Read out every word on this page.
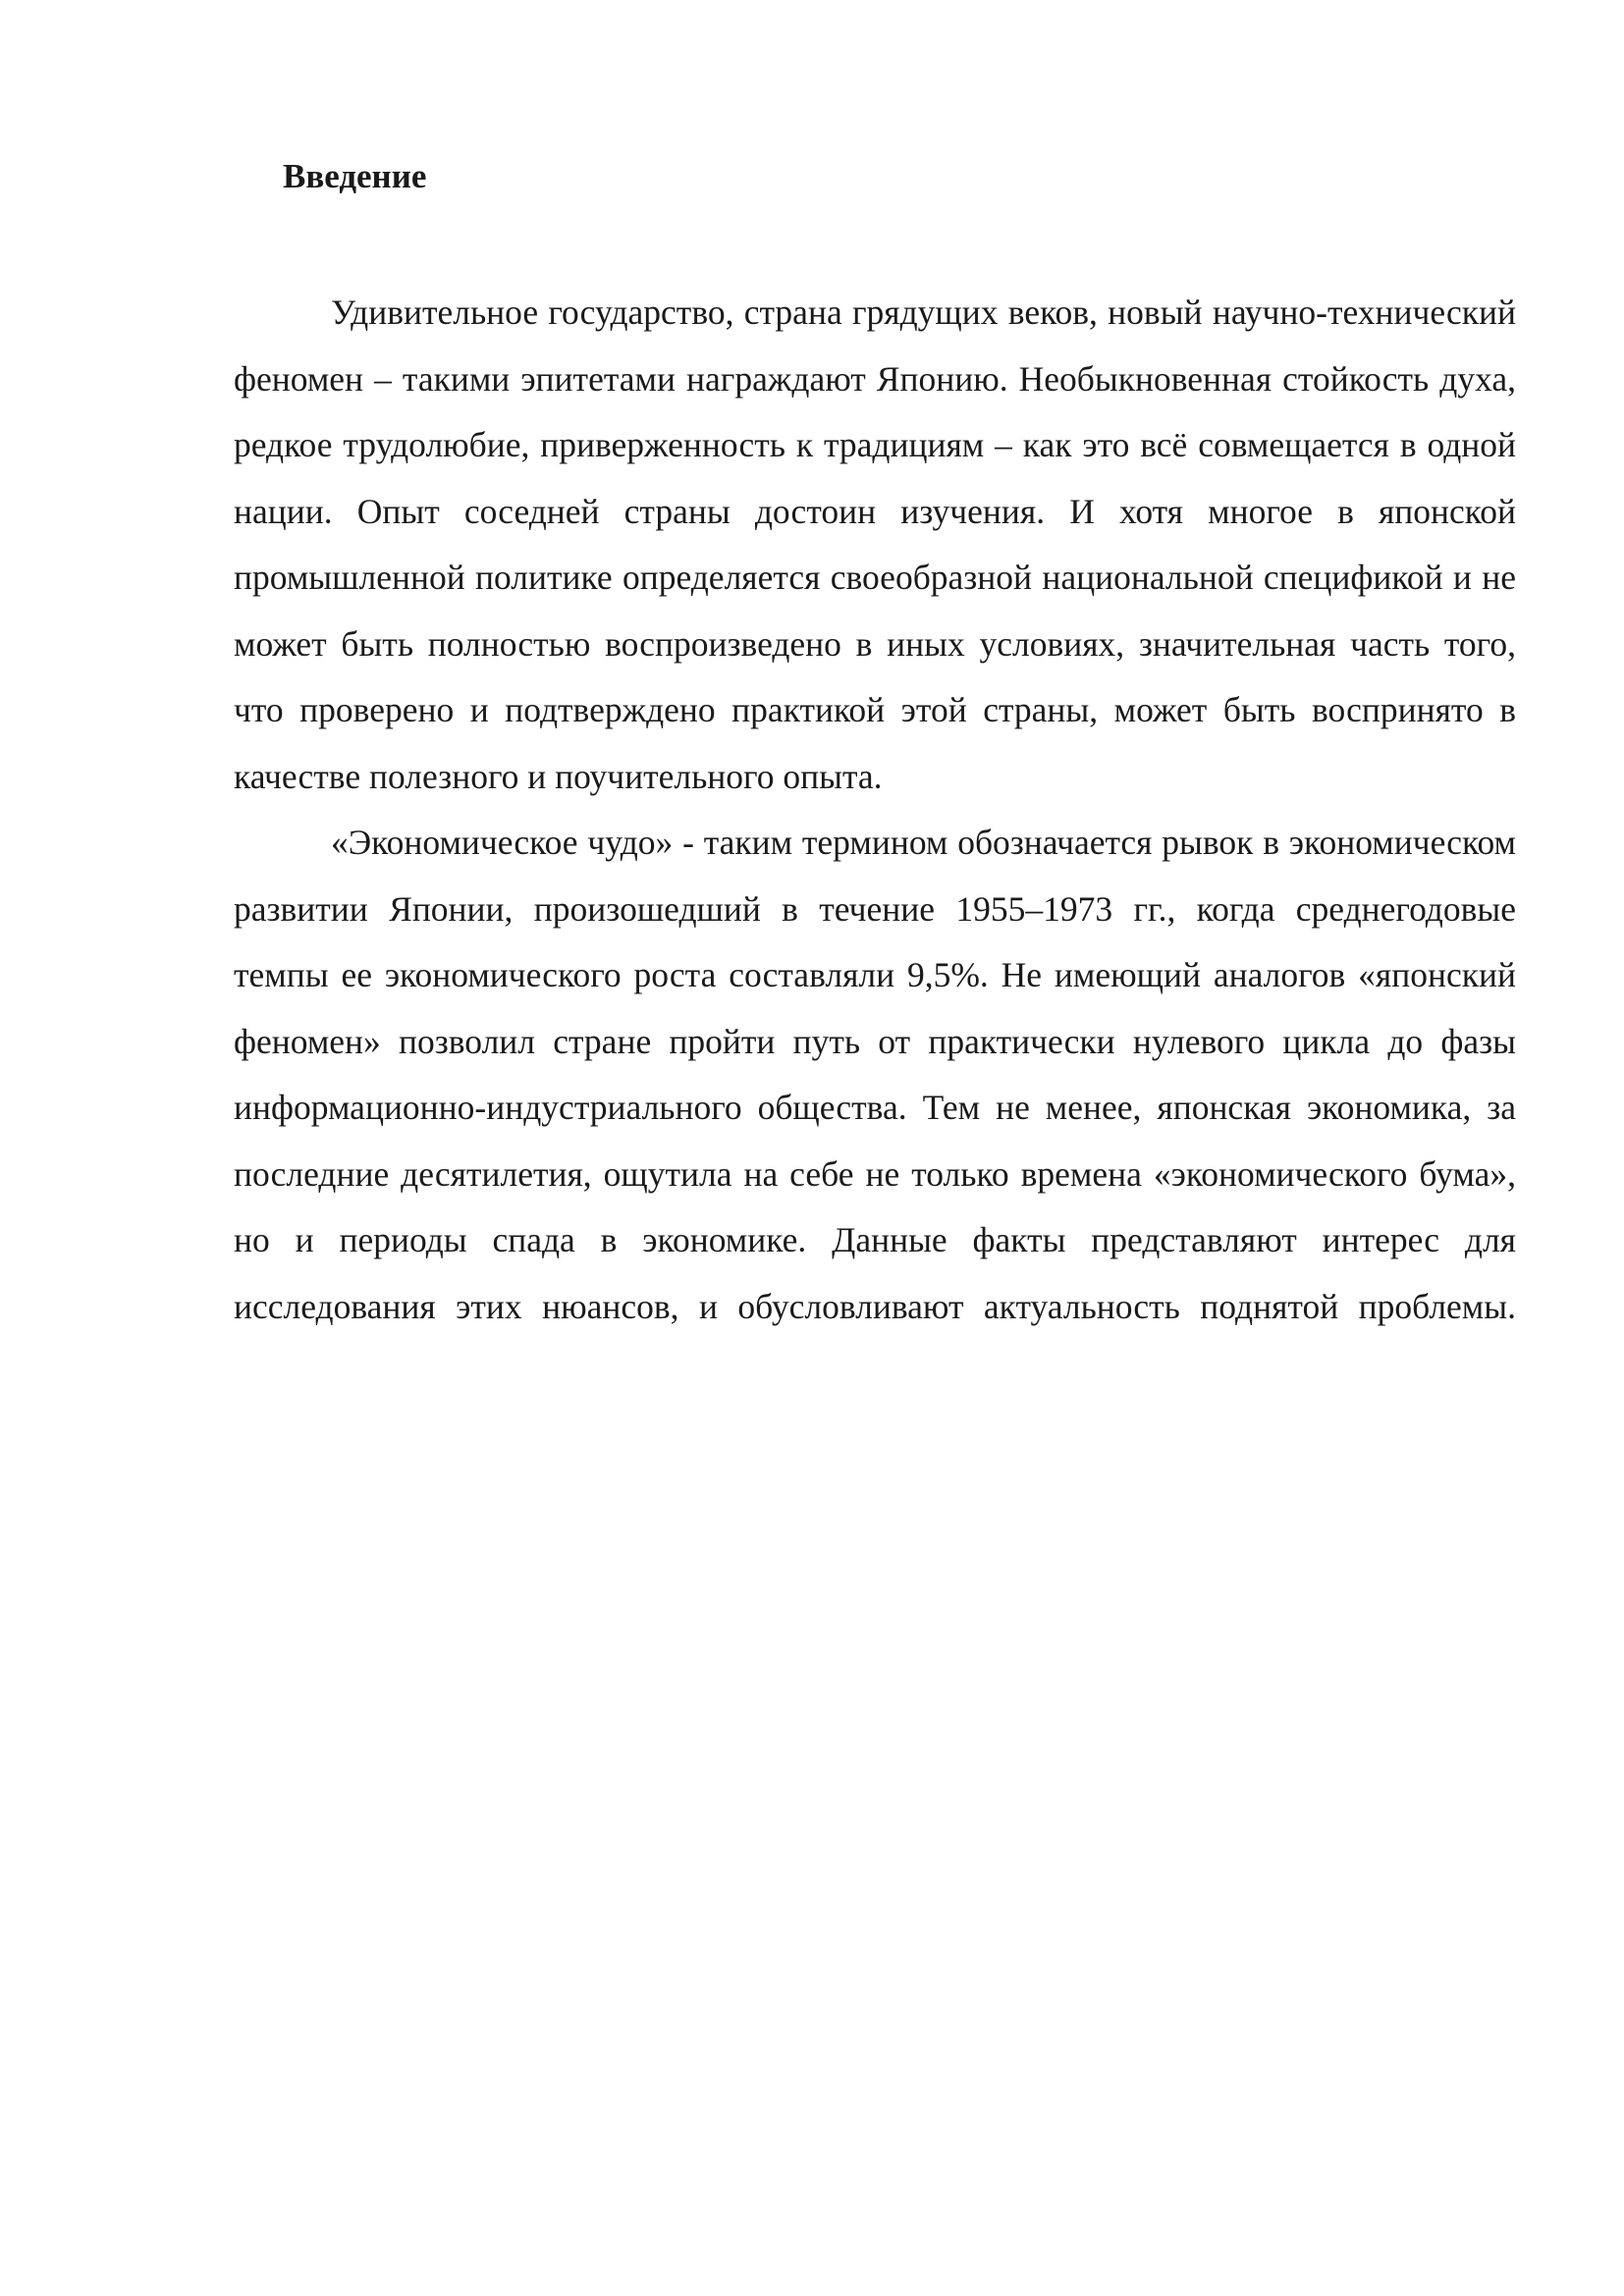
Введение

Удивительное государство, страна грядущих веков, новый научно-технический феномен – такими эпитетами награждают Японию. Необыкновенная стойкость духа, редкое трудолюбие, приверженность к традициям – как это всё совмещается в одной нации. Опыт соседней страны достоин изучения. И хотя многое в японской промышленной политике определяется своеобразной национальной спецификой и не может быть полностью воспроизведено в иных условиях, значительная часть того, что проверено и подтверждено практикой этой страны, может быть воспринято в качестве полезного и поучительного опыта.

«Экономическое чудо» - таким термином обозначается рывок в экономическом развитии Японии, произошедший в течение 1955–1973 гг., когда среднегодовые темпы ее экономического роста составляли 9,5%. Не имеющий аналогов «японский феномен» позволил стране пройти путь от практически нулевого цикла до фазы информационно-индустриального общества. Тем не менее, японская экономика, за последние десятилетия, ощутила на себе не только времена «экономического бума», но и периоды спада в экономике. Данные факты представляют интерес для исследования этих нюансов, и обусловливают актуальность поднятой проблемы.
